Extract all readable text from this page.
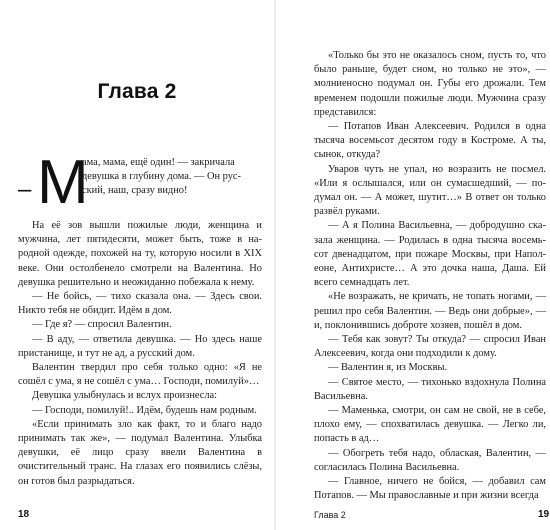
Глава 2
– М
ама, мама, ещё один! — закричала
девушка в глубину дома. — Он рус-
ский, наш, сразу видно!

На её зов вышли пожилые люди, женщина и мужчина, лет пятидесяти, может быть, тоже в на-родной одежде, похожей на ту, которую носили в XIX веке. Они остолбенело смотрели на Валентина. Но девушка решительно и неожиданно побежала к нему.

— Не бойсь, — тихо сказала она. — Здесь свои. Никто тебя не обидит. Идём в дом.

— Где я? — спросил Валентин.

— В аду, — ответила девушка. — Но здесь наше пристанище, и тут не ад, а русский дом.

Валентин твердил про себя только одно: «Я не сошёл с ума, я не сошёл с ума… Господи, помилуй»…

Девушка улыбнулась и вслух произнесла:

— Господи, помилуй!.. Идём, будешь нам родным.

«Если принимать зло как факт, то и благо надо принимать так же», — подумал Валентина. Улыбка девушки, её лицо сразу ввели Валентина в очистительный транс. На глазах его появились слёзы, он готов был разрыдаться.

18

«Только бы это не оказалось сном, пусть то, что было раньше, будет сном, но только не это», — молниеносно подумал он. Губы его дрожали. Тем временем подошли пожилые люди. Мужчина сразу представился:

— Потапов Иван Алексеевич. Родился в одна тысяча восемьсот десятом году в Костроме. А ты, сынок, откуда?

Уваров чуть не упал, но возразить не посмел. «Или я ослышался, или он сумасшедший, — по-думал он. — А может, шутит…» В ответ он только развёл руками.

— А я Полина Васильевна, — добродушно ска-зала женщина. — Родилась в одна тысяча восемь-сот двенадцатом, при пожаре Москвы, при Напол-еоне, Антихристе… А это дочка наша, Даша. Ей всего семнадцать лет.

«Не возражать, не кричать, не топать ногами, — решил про себя Валентин. — Ведь они добрые», — и, поклонившись доброте хозяев, пошёл в дом.

— Тебя как зовут? Ты откуда? — спросил Иван Алексеевич, когда они подходили к дому.

— Валентин я, из Москвы.

— Святое место, — тихонько вздохнула Полина Васильевна.

— Маменька, смотри, он сам не свой, не в себе, плохо ему, — спохватилась девушка. — Легко ли, попасть в ад…

— Обогреть тебя надо, облаская, Валентин, — согласилась Полина Васильевна.

— Главное, ничего не бойся, — добавил сам Потапов. — Мы православные и при жизни всегда

Глава 2	19
